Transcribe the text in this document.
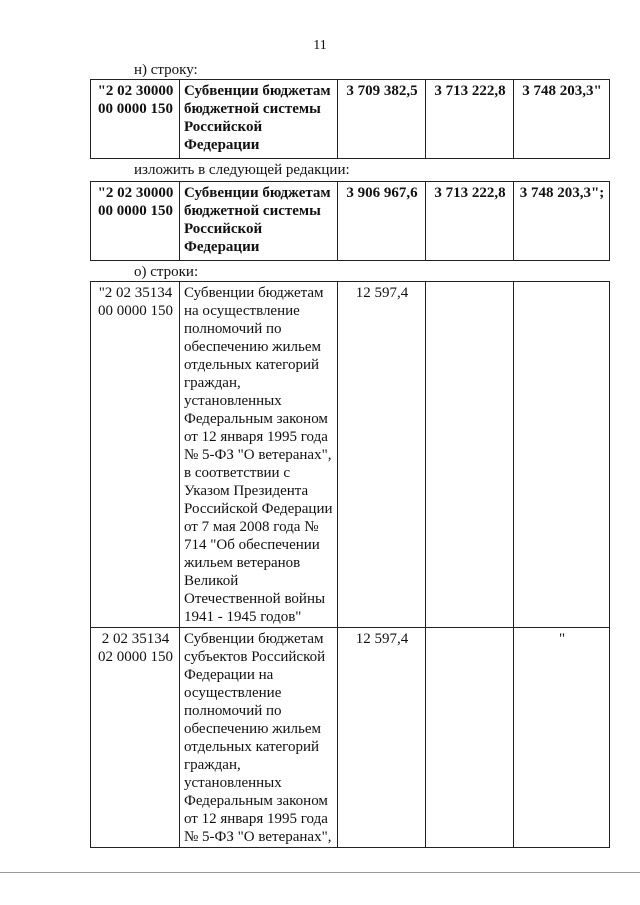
11
н) строку:
"2 02 30000 00 0000 150	Субвенции бюджетам бюджетной системы Российской Федерации	3 709 382,5	3 713 222,8	3 748 203,3"
изложить в следующей редакции:
"2 02 30000 00 0000 150	Субвенции бюджетам бюджетной системы Российской Федерации	3 906 967,6	3 713 222,8	3 748 203,3";
о) строки:
"2 02 35134 00 0000 150	Субвенции бюджетам на осуществление полномочий по обеспечению жильем отдельных категорий граждан, установленных Федеральным законом от 12 января 1995 года № 5-ФЗ "О ветеранах", в соответствии с Указом Президента Российской Федерации от 7 мая 2008 года № 714 "Об обеспечении жильем ветеранов Великой Отечественной войны 1941 - 1945 годов"	12 597,4		
2 02 35134 02 0000 150	Субвенции бюджетам субъектов Российской Федерации на осуществление полномочий по обеспечению жильем отдельных категорий граждан, установленных Федеральным законом от 12 января 1995 года № 5-ФЗ "О ветеранах",	12 597,4		"
